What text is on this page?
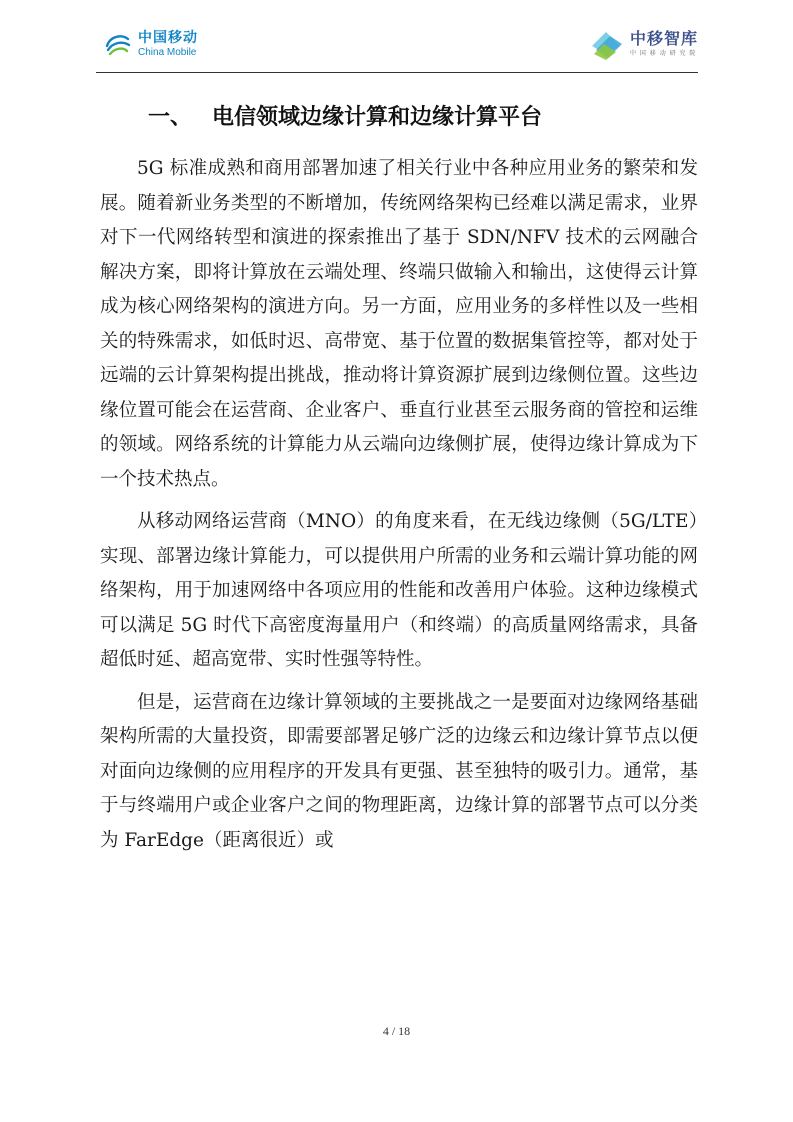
中国移动
China Mobile
中移智库
中 国 移 动 研 究 院
一、 电信领域边缘计算和边缘计算平台

5G 标准成熟和商用部署加速了相关行业中各种应用业务的繁荣和发展。随着新业务类型的不断增加，传统网络架构已经难以满足需求，业界对下一代网络转型和演进的探索推出了基于 SDN/NFV 技术的云网融合解决方案，即将计算放在云端处理、终端只做输入和输出，这使得云计算成为核心网络架构的演进方向。另一方面，应用业务的多样性以及一些相关的特殊需求，如低时迟、高带宽、基于位置的数据集管控等，都对处于远端的云计算架构提出挑战，推动将计算资源扩展到边缘侧位置。这些边缘位置可能会在运营商、企业客户、垂直行业甚至云服务商的管控和运维的领域。网络系统的计算能力从云端向边缘侧扩展，使得边缘计算成为下一个技术热点。

从移动网络运营商（MNO）的角度来看，在无线边缘侧（5G/LTE）实现、部署边缘计算能力，可以提供用户所需的业务和云端计算功能的网络架构，用于加速网络中各项应用的性能和改善用户体验。这种边缘模式可以满足 5G 时代下高密度海量用户（和终端）的高质量网络需求，具备超低时延、超高宽带、实时性强等特性。

但是，运营商在边缘计算领域的主要挑战之一是要面对边缘网络基础架构所需的大量投资，即需要部署足够广泛的边缘云和边缘计算节点以便对面向边缘侧的应用程序的开发具有更强、甚至独特的吸引力。通常，基于与终端用户或企业客户之间的物理距离，边缘计算的部署节点可以分类为 FarEdge（距离很近）或

4 / 18
